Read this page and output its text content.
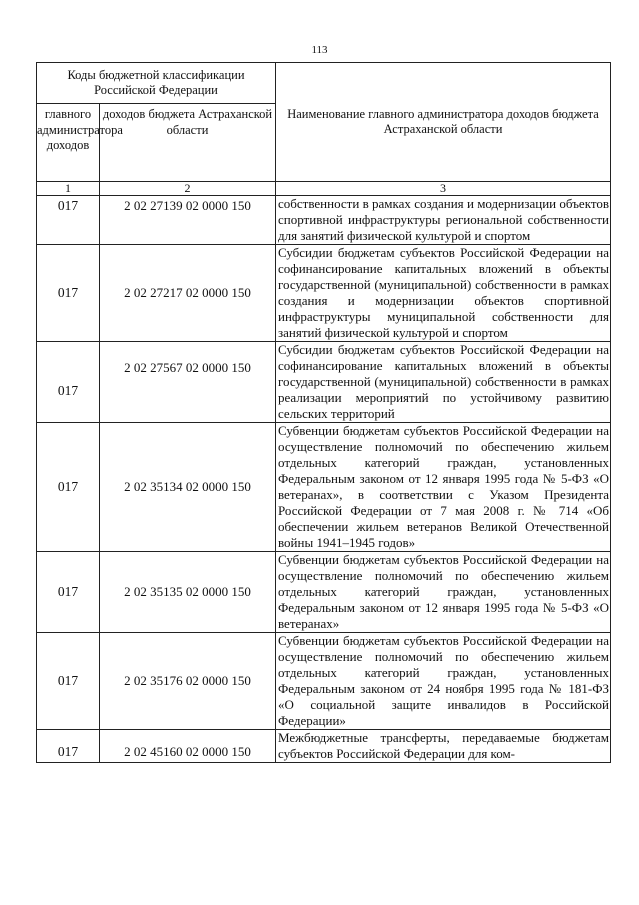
113
Коды бюджетной классификации Российской Федерации		Наименование главного администратора доходов бюджета Астраханской области
главного администратора доходов	доходов бюджета Астраханской области	
1	2	3
017	2 02 27139 02 0000 150	собственности в рамках создания и модернизации объектов спортивной инфраструктуры региональной собственности для занятий физической культурой и спортом
017	2 02 27217 02 0000 150	Субсидии бюджетам субъектов Российской Федерации на софинансирование капитальных вложений в объекты государственной (муниципальной) собственности в рамках создания и модернизации объектов спортивной инфраструктуры муниципальной собственности для занятий физической культурой и спортом
017	2 02 27567 02 0000 150	Субсидии бюджетам субъектов Российской Федерации на софинансирование капитальных вложений в объекты государственной (муниципальной) собственности в рамках реализации мероприятий по устойчивому развитию сельских территорий
017	2 02 35134 02 0000 150	Субвенции бюджетам субъектов Российской Федерации на осуществление полномочий по обеспечению жильем отдельных категорий граждан, установленных Федеральным законом от 12 января 1995 года № 5-ФЗ «О ветеранах», в соответствии с Указом Президента Российской Федерации от 7 мая 2008 г. № 714 «Об обеспечении жильем ветеранов Великой Отечественной войны 1941–1945 годов»
017	2 02 35135 02 0000 150	Субвенции бюджетам субъектов Российской Федерации на осуществление полномочий по обеспечению жильем отдельных категорий граждан, установленных Федеральным законом от 12 января 1995 года № 5-ФЗ «О ветеранах»
017	2 02 35176 02 0000 150	Субвенции бюджетам субъектов Российской Федерации на осуществление полномочий по обеспечению жильем отдельных категорий граждан, установленных Федеральным законом от 24 ноября 1995 года № 181-ФЗ «О социальной защите инвалидов в Российской Федерации»
017	2 02 45160 02 0000 150	Межбюджетные трансферты, передаваемые бюджетам субъектов Российской Федерации для ком-
